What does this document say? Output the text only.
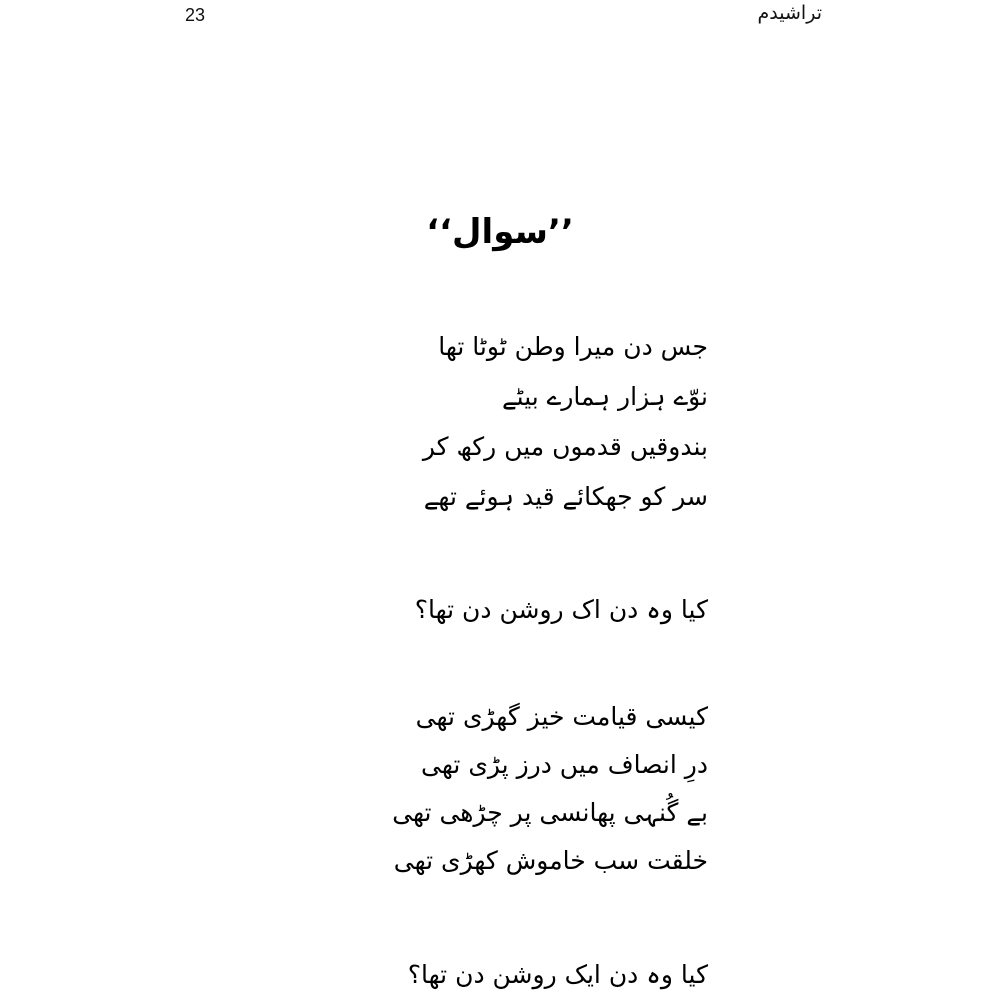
23	تراشیدم
’’سوال‘‘
جس دن میرا وطن ٹوٹا تھا
نوّے ہزار ہمارے بیٹے
بندوقیں قدموں میں رکھ کر
سر کو جھکائے قید ہوئے تھے
کیا وہ دن اک روشن دن تھا؟
کیسی قیامت خیز گھڑی تھی
درِ انصاف میں درز پڑی تھی
بے گُنہی پھانسی پر چڑھی تھی
خلقت سب خاموش کھڑی تھی
کیا وہ دن ایک روشن دن تھا؟
